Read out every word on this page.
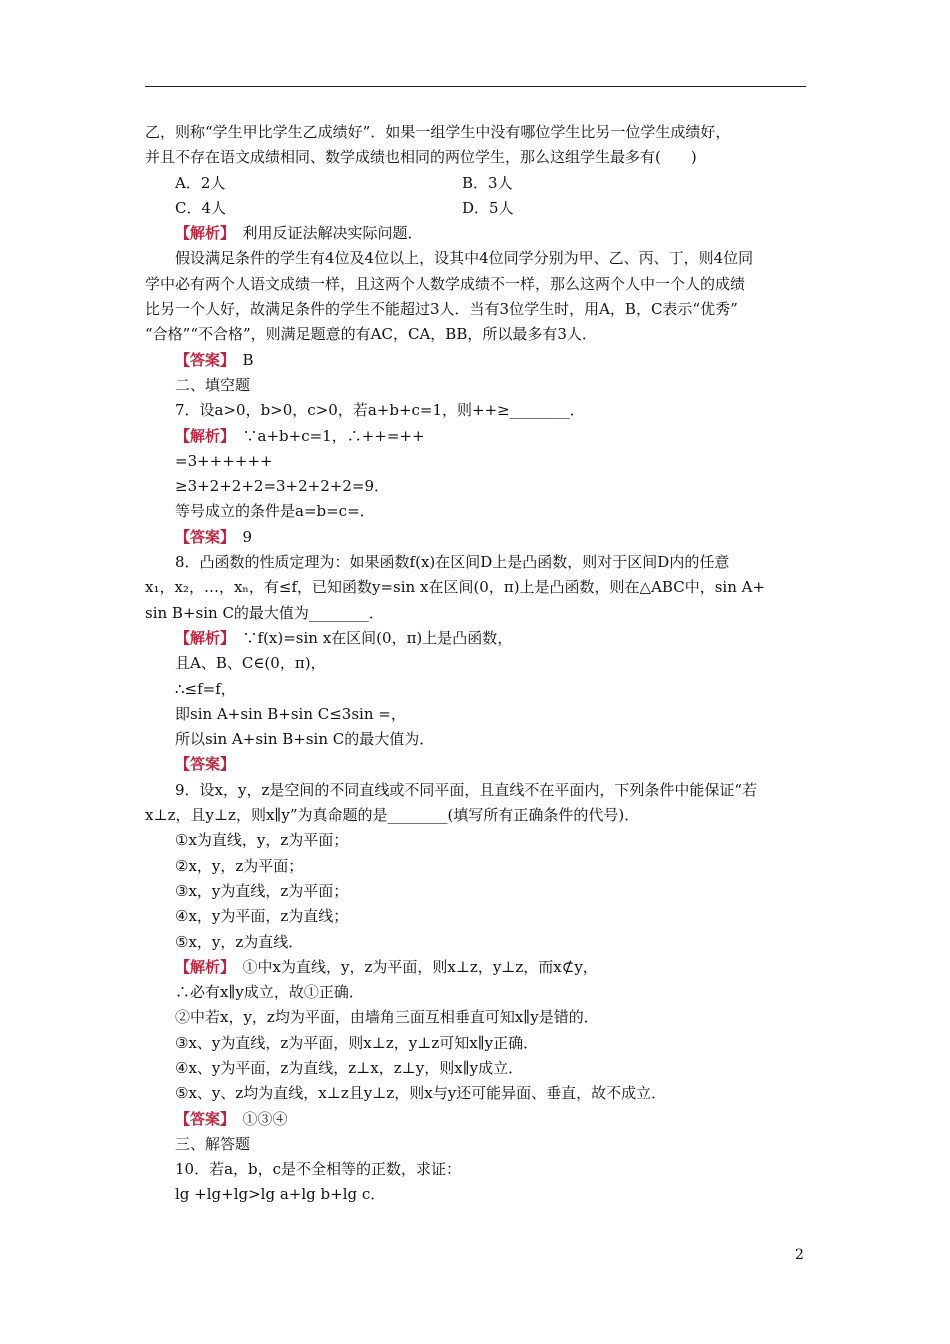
乙，则称“学生甲比学生乙成绩好”．如果一组学生中没有哪位学生比另一位学生成绩好，
并且不存在语文成绩相同、数学成绩也相同的两位学生，那么这组学生最多有(　　)
A．2人	B．3人
C．4人	D．5人
【解析】　利用反证法解决实际问题．
假设满足条件的学生有4位及4位以上，设其中4位同学分别为甲、乙、丙、丁，则4位同
学中必有两个人语文成绩一样，且这两个人数学成绩不一样，那么这两个人中一个人的成绩
比另一个人好，故满足条件的学生不能超过3人．当有3位学生时，用A，B，C表示“优秀”
“合格”“不合格”，则满足题意的有AC，CA，BB，所以最多有3人．
【答案】　B
二、填空题
7．设a>0，b>0，c>0，若a+b+c=1，则++≥________．
【解析】　∵a+b+c=1，∴++=++
=3++++++
≥3+2+2+2=3+2+2+2=9．
等号成立的条件是a=b=c=．
【答案】　9
8．凸函数的性质定理为：如果函数f(x)在区间D上是凸函数，则对于区间D内的任意
x₁，x₂，…，xₙ，有≤f，已知函数y=sin x在区间(0，π)上是凸函数，则在△ABC中，sin A+
sin B+sin C的最大值为________．
【解析】　∵f(x)=sin x在区间(0，π)上是凸函数，
且A、B、C∈(0，π)，
∴≤f=f，
即sin A+sin B+sin C≤3sin =，
所以sin A+sin B+sin C的最大值为．
【答案】
9．设x，y，z是空间的不同直线或不同平面，且直线不在平面内，下列条件中能保证“若
x⊥z，且y⊥z，则x∥y”为真命题的是________(填写所有正确条件的代号)．
①x为直线，y，z为平面；
②x，y，z为平面；
③x，y为直线，z为平面；
④x，y为平面，z为直线；
⑤x，y，z为直线．
【解析】　①中x为直线，y，z为平面，则x⊥z，y⊥z，而x⊄y，
∴必有x∥y成立，故①正确．
②中若x，y，z均为平面，由墙角三面互相垂直可知x∥y是错的．
③x、y为直线，z为平面，则x⊥z，y⊥z可知x∥y正确．
④x、y为平面，z为直线，z⊥x，z⊥y，则x∥y成立．
⑤x、y、z均为直线，x⊥z且y⊥z，则x与y还可能异面、垂直，故不成立．
【答案】　①③④
三、解答题
10．若a，b，c是不全相等的正数，求证：
lg +lg+lg>lg a+lg b+lg c．
2
